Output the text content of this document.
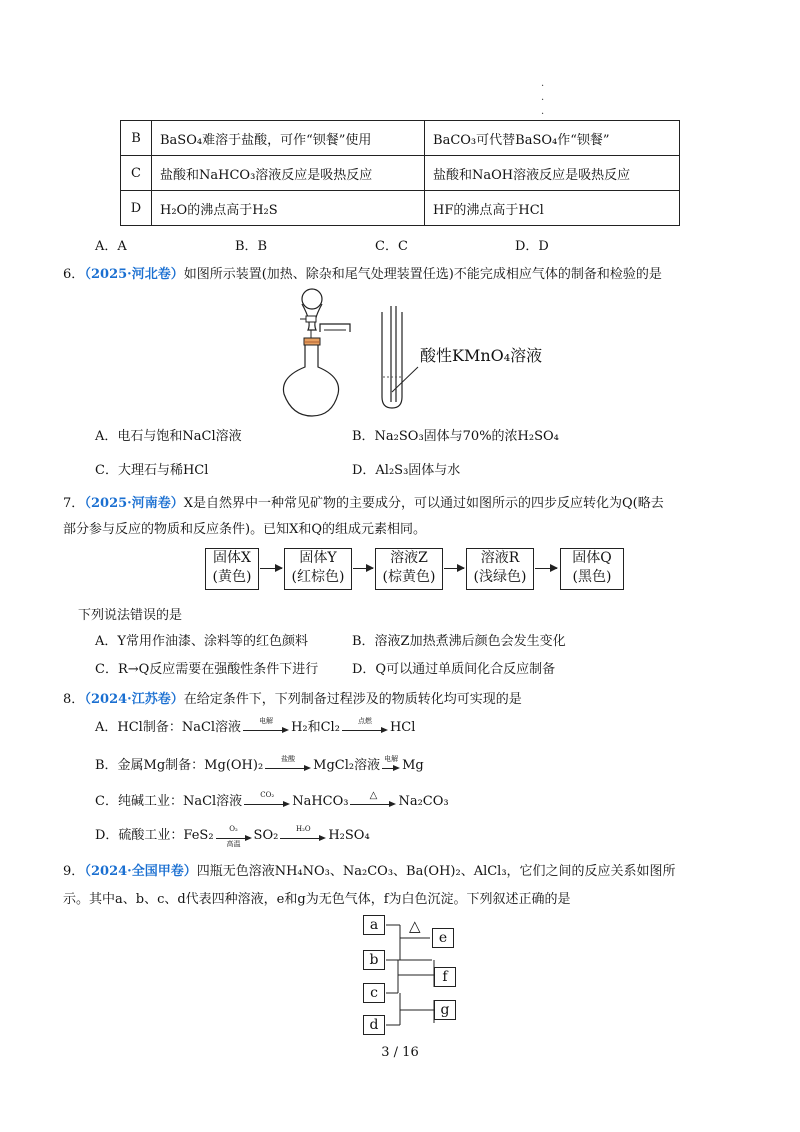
·
·
·
B	BaSO₄难溶于盐酸，可作“钡餐”使用	BaCO₃可代替BaSO₄作“钡餐”
C	盐酸和NaHCO₃溶液反应是吸热反应	盐酸和NaOH溶液反应是吸热反应
D	H₂O的沸点高于H₂S	HF的沸点高于HCl
A．A	B．B	C．C	D．D
6．
（2025·河北卷）如图所示装置(加热、除杂和尾气处理装置任选)不能完成相应气体的制备和检验的是
酸性KMnO₄溶液
A．电石与饱和NaCl溶液	B．Na₂SO₃固体与70%的浓H₂SO₄
C．大理石与稀HCl	D．Al₂S₃固体与水
7．
（2025·河南卷）X是自然界中一种常见矿物的主要成分，可以通过如图所示的四步反应转化为Q(略去
部分参与反应的物质和反应条件)。已知X和Q的组成元素相同。
固体X
(黄色)
固体Y
(红棕色)
溶液Z
(棕黄色)
溶液R
(浅绿色)
固体Q
(黑色)
下列说法错误的是
A．Y常用作油漆、涂料等的红色颜料	B．溶液Z加热煮沸后颜色会发生变化
C．R→Q反应需要在强酸性条件下进行	D．Q可以通过单质间化合反应制备
8．
（2024·江苏卷）在给定条件下，下列制备过程涉及的物质转化均可实现的是
A．HCl制备：NaCl溶液	电解	H₂和Cl₂	点燃	HCl
B．金属Mg制备：Mg(OH)₂	盐酸	MgCl₂溶液 电解 Mg
C．纯碱工业：NaCl溶液	CO₂	NaHCO₃	△	Na₂CO₃
D．硫酸工业：FeS₂	O₂
高温
SO₂	H₂O	H₂SO₄
9．
（2024·全国甲卷）四瓶无色溶液NH₄NO₃、Na₂CO₃、Ba(OH)₂、AlCl₃，它们之间的反应关系如图所
示。其中a、b、c、d代表四种溶液，e和g为无色气体，f为白色沉淀。下列叙述正确的是
a	△
e
b
f
c
g
d
3 / 16
